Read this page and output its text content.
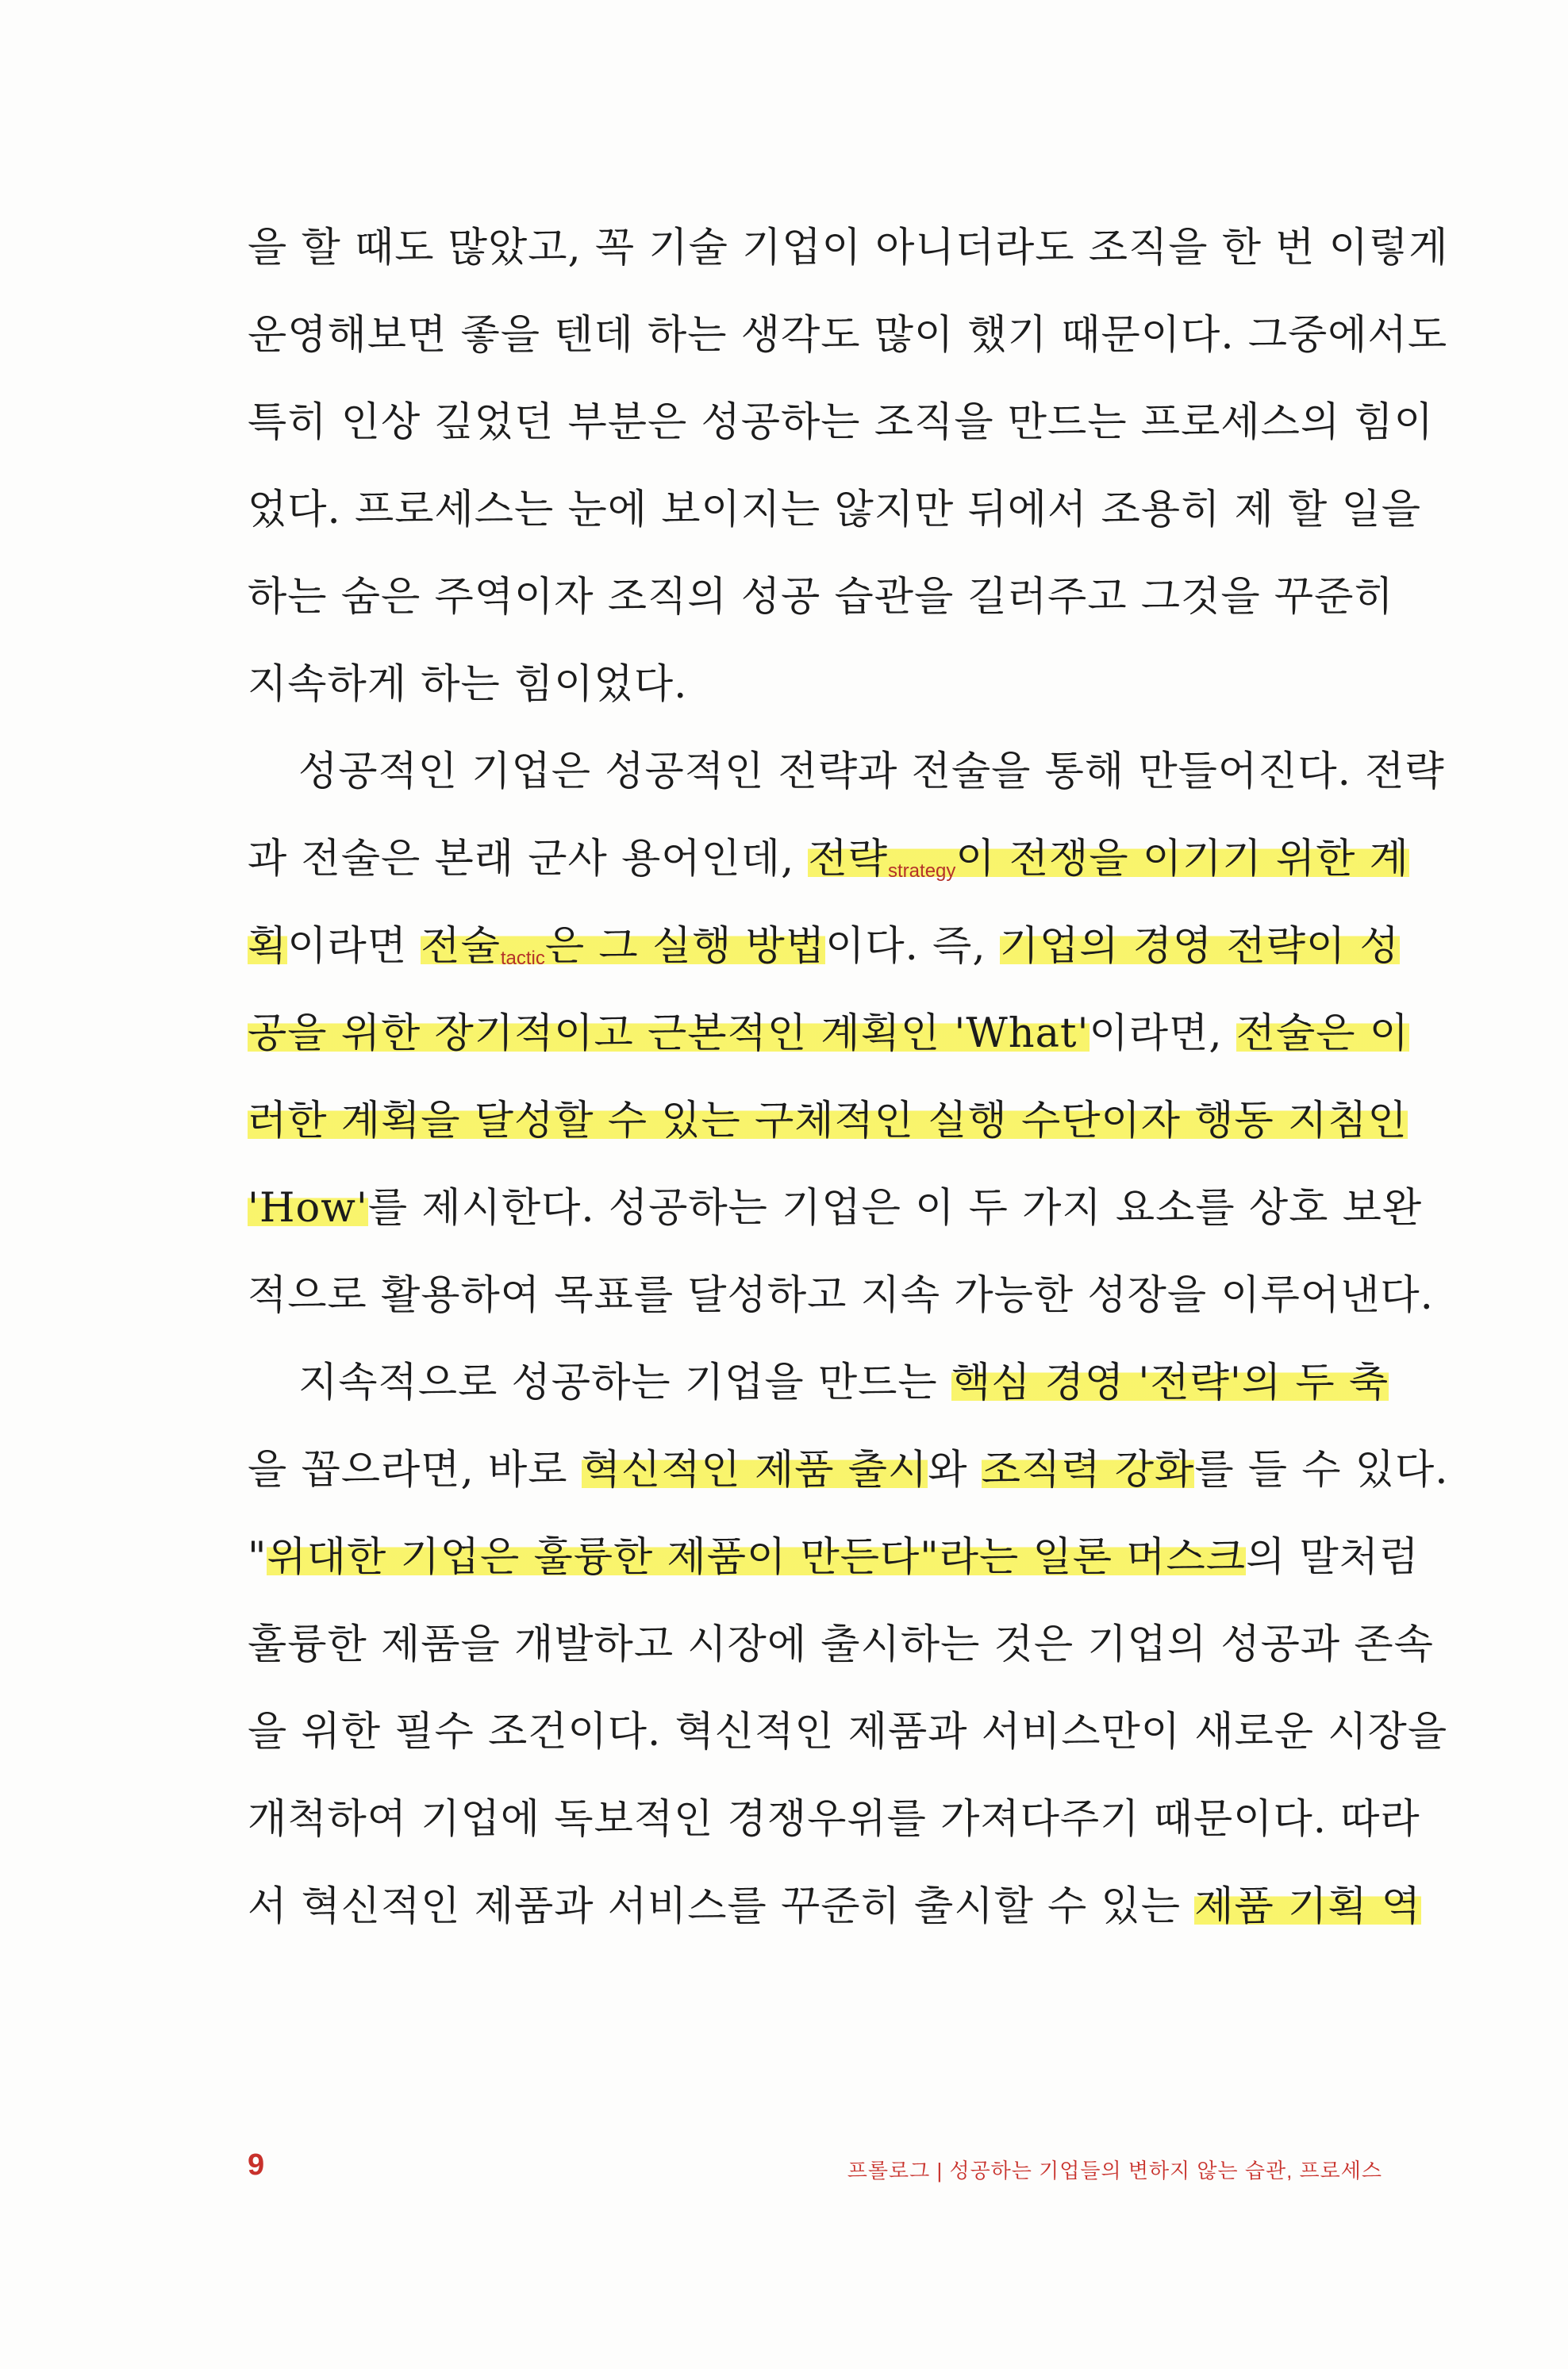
을 할 때도 많았고, 꼭 기술 기업이 아니더라도 조직을 한 번 이렇게
운영해보면 좋을 텐데 하는 생각도 많이 했기 때문이다. 그중에서도
특히 인상 깊었던 부분은 성공하는 조직을 만드는 프로세스의 힘이
었다. 프로세스는 눈에 보이지는 않지만 뒤에서 조용히 제 할 일을
하는 숨은 주역이자 조직의 성공 습관을 길러주고 그것을 꾸준히
지속하게 하는 힘이었다.
성공적인 기업은 성공적인 전략과 전술을 통해 만들어진다. 전략
과 전술은 본래 군사 용어인데, 전략$_{strategy}$이 전쟁을 이기기 위한 계
획이라면 전술$_{tactic}$은 그 실행 방법이다. 즉, 기업의 경영 전략이 성
공을 위한 장기적이고 근본적인 계획인 'What'이라면, 전술은 이
러한 계획을 달성할 수 있는 구체적인 실행 수단이자 행동 지침인
'How'를 제시한다. 성공하는 기업은 이 두 가지 요소를 상호 보완
적으로 활용하여 목표를 달성하고 지속 가능한 성장을 이루어낸다.
지속적으로 성공하는 기업을 만드는 핵심 경영 '전략'의 두 축
을 꼽으라면, 바로 혁신적인 제품 출시와 조직력 강화를 들 수 있다.
"위대한 기업은 훌륭한 제품이 만든다"라는 일론 머스크의 말처럼
훌륭한 제품을 개발하고 시장에 출시하는 것은 기업의 성공과 존속
을 위한 필수 조건이다. 혁신적인 제품과 서비스만이 새로운 시장을
개척하여 기업에 독보적인 경쟁우위를 가져다주기 때문이다. 따라
서 혁신적인 제품과 서비스를 꾸준히 출시할 수 있는 제품 기획 역
9	프롤로그 | 성공하는 기업들의 변하지 않는 습관, 프로세스
